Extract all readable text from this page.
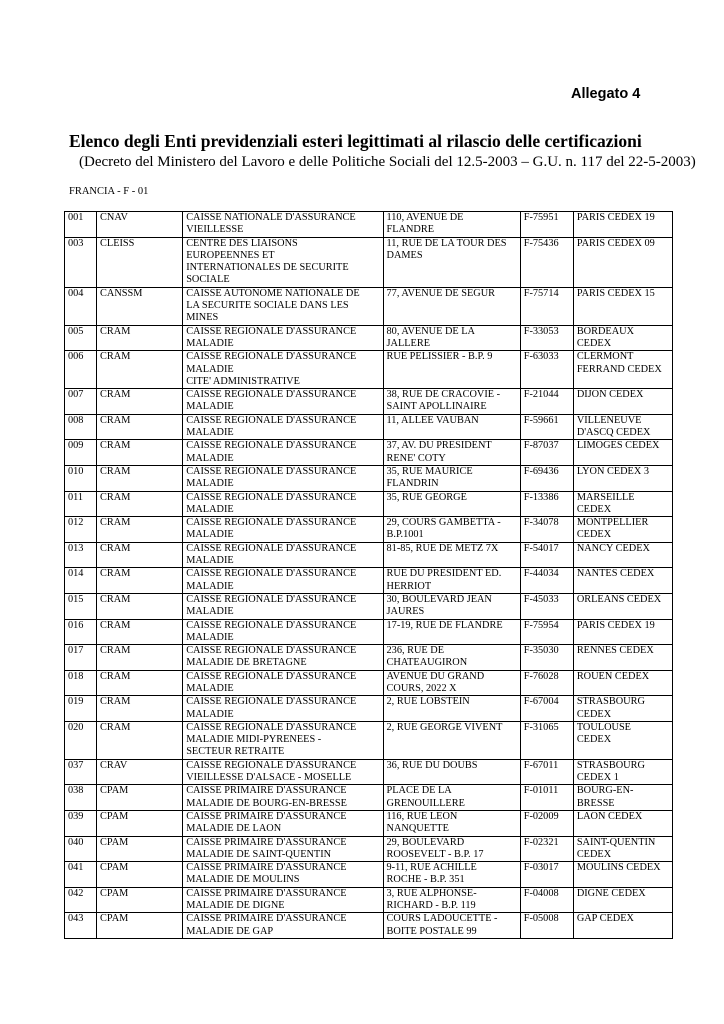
Allegato 4
Elenco degli Enti previdenziali esteri legittimati al rilascio delle certificazioni
(Decreto del Ministero del Lavoro e delle Politiche Sociali del 12.5-2003 – G.U. n. 117 del 22-5-2003)
FRANCIA - F - 01
001	CNAV	CAISSE NATIONALE D'ASSURANCE
VIEILLESSE	110, AVENUE DE
FLANDRE	F-75951	PARIS CEDEX 19
003	CLEISS	CENTRE DES LIAISONS
EUROPEENNES ET
INTERNATIONALES DE SECURITE
SOCIALE	11, RUE DE LA TOUR DES
DAMES	F-75436	PARIS CEDEX 09
004	CANSSM	CAISSE AUTONOME NATIONALE DE
LA SECURITE SOCIALE DANS LES
MINES	77, AVENUE DE SEGUR	F-75714	PARIS CEDEX 15
005	CRAM	CAISSE REGIONALE D'ASSURANCE
MALADIE	80, AVENUE DE LA
JALLERE	F-33053	BORDEAUX
CEDEX
006	CRAM	CAISSE REGIONALE D'ASSURANCE
MALADIE
CITE' ADMINISTRATIVE	RUE PELISSIER - B.P. 9	F-63033	CLERMONT
FERRAND CEDEX
007	CRAM	CAISSE REGIONALE D'ASSURANCE
MALADIE	38, RUE DE CRACOVIE -
SAINT APOLLINAIRE	F-21044	DIJON CEDEX
008	CRAM	CAISSE REGIONALE D'ASSURANCE
MALADIE	11, ALLEE VAUBAN	F-59661	VILLENEUVE
D'ASCQ CEDEX
009	CRAM	CAISSE REGIONALE D'ASSURANCE
MALADIE	37, AV. DU PRESIDENT
RENE' COTY	F-87037	LIMOGES CEDEX
010	CRAM	CAISSE REGIONALE D'ASSURANCE
MALADIE	35, RUE MAURICE
FLANDRIN	F-69436	LYON CEDEX 3
011	CRAM	CAISSE REGIONALE D'ASSURANCE
MALADIE	35, RUE GEORGE	F-13386	MARSEILLE
CEDEX
012	CRAM	CAISSE REGIONALE D'ASSURANCE
MALADIE	29, COURS GAMBETTA -
B.P.1001	F-34078	MONTPELLIER
CEDEX
013	CRAM	CAISSE REGIONALE D'ASSURANCE
MALADIE	81-85, RUE DE METZ 7X	F-54017	NANCY CEDEX
014	CRAM	CAISSE REGIONALE D'ASSURANCE
MALADIE	RUE DU PRESIDENT ED.
HERRIOT	F-44034	NANTES CEDEX
015	CRAM	CAISSE REGIONALE D'ASSURANCE
MALADIE	30, BOULEVARD JEAN
JAURES	F-45033	ORLEANS CEDEX
016	CRAM	CAISSE REGIONALE D'ASSURANCE
MALADIE	17-19, RUE DE FLANDRE	F-75954	PARIS CEDEX 19
017	CRAM	CAISSE REGIONALE D'ASSURANCE
MALADIE DE BRETAGNE	236, RUE DE
CHATEAUGIRON	F-35030	RENNES CEDEX
018	CRAM	CAISSE REGIONALE D'ASSURANCE
MALADIE	AVENUE DU GRAND
COURS, 2022 X	F-76028	ROUEN CEDEX
019	CRAM	CAISSE REGIONALE D'ASSURANCE
MALADIE	2, RUE LOBSTEIN	F-67004	STRASBOURG
CEDEX
020	CRAM	CAISSE REGIONALE D'ASSURANCE
MALADIE MIDI-PYRENEES -
SECTEUR RETRAITE	2, RUE GEORGE VIVENT	F-31065	TOULOUSE
CEDEX
037	CRAV	CAISSE REGIONALE D'ASSURANCE
VIEILLESSE D'ALSACE - MOSELLE	36, RUE DU DOUBS	F-67011	STRASBOURG
CEDEX 1
038	CPAM	CAISSE PRIMAIRE D'ASSURANCE
MALADIE DE BOURG-EN-BRESSE	PLACE DE LA
GRENOUILLERE	F-01011	BOURG-EN-
BRESSE
039	CPAM	CAISSE PRIMAIRE D'ASSURANCE
MALADIE DE LAON	116, RUE LEON
NANQUETTE	F-02009	LAON CEDEX
040	CPAM	CAISSE PRIMAIRE D'ASSURANCE
MALADIE DE SAINT-QUENTIN	29, BOULEVARD
ROOSEVELT - B.P. 17	F-02321	SAINT-QUENTIN
CEDEX
041	CPAM	CAISSE PRIMAIRE D'ASSURANCE
MALADIE DE MOULINS	9-11, RUE ACHILLE
ROCHE - B.P. 351	F-03017	MOULINS CEDEX
042	CPAM	CAISSE PRIMAIRE D'ASSURANCE
MALADIE DE DIGNE	3, RUE ALPHONSE-
RICHARD - B.P. 119	F-04008	DIGNE CEDEX
043	CPAM	CAISSE PRIMAIRE D'ASSURANCE
MALADIE DE GAP	COURS LADOUCETTE -
BOITE POSTALE 99	F-05008	GAP CEDEX
